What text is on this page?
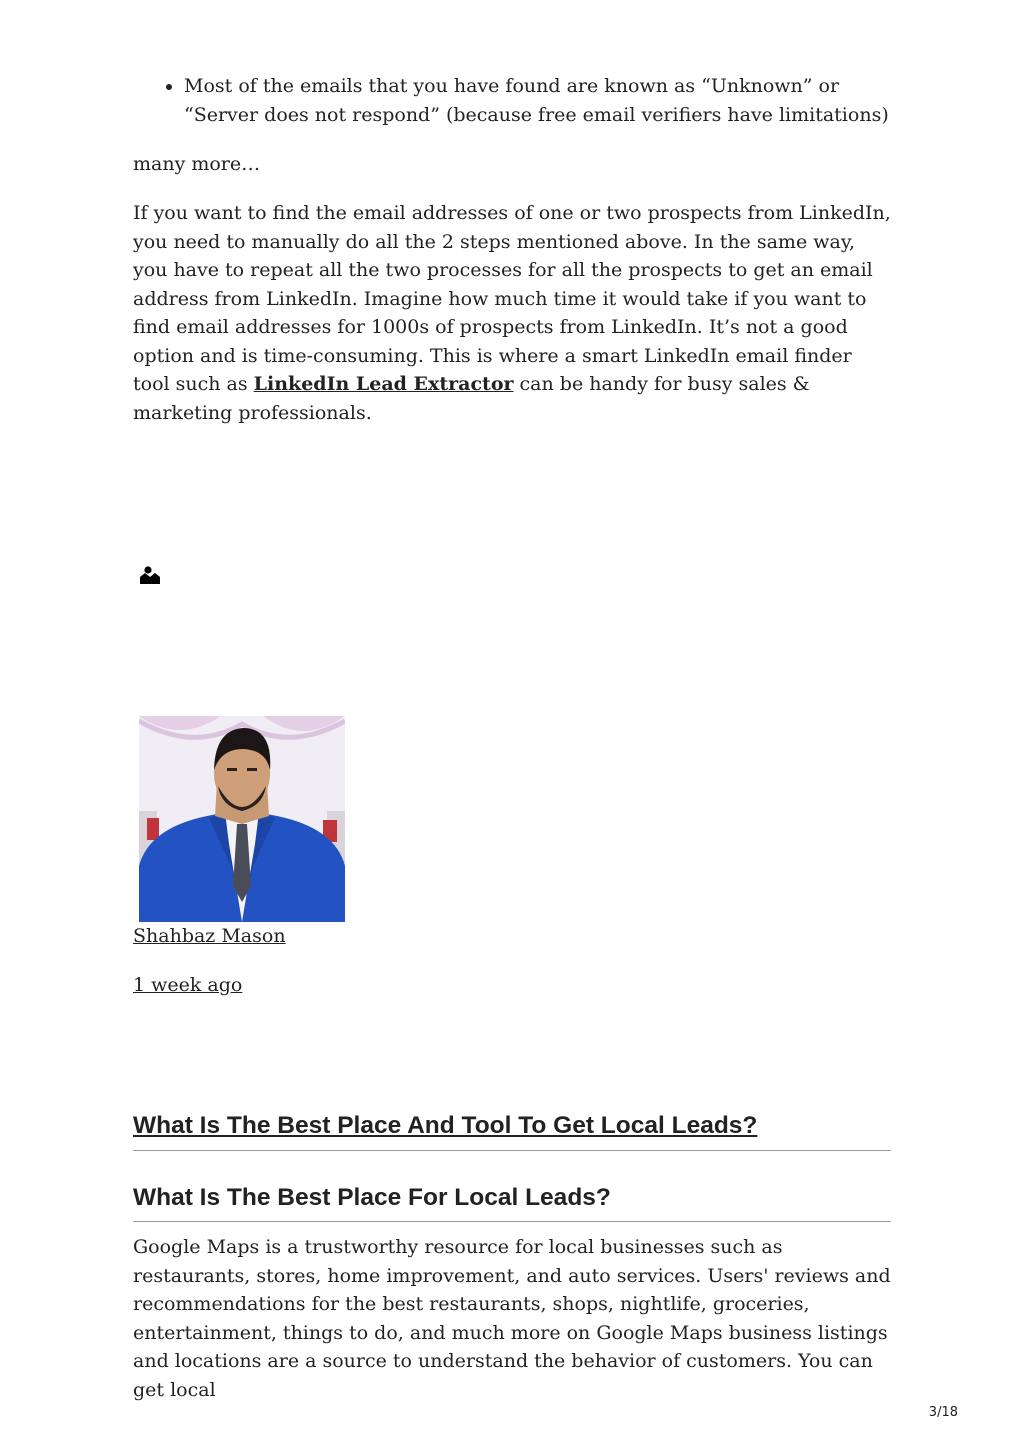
• Most of the emails that you have found are known as “Unknown” or “Server does not respond” (because free email verifiers have limitations)

many more…

If you want to find the email addresses of one or two prospects from LinkedIn, you need to manually do all the 2 steps mentioned above. In the same way, you have to repeat all the two processes for all the prospects to get an email address from LinkedIn. Imagine how much time it would take if you want to find email addresses for 1000s of prospects from LinkedIn. It’s not a good option and is time-consuming. This is where a smart LinkedIn email finder tool such as LinkedIn Lead Extractor can be handy for busy sales & marketing professionals.

Shahbaz Mason

1 week ago

What Is The Best Place And Tool To Get Local Leads?
What Is The Best Place For Local Leads?

Google Maps is a trustworthy resource for local businesses such as restaurants, stores, home improvement, and auto services. Users' reviews and recommendations for the best restaurants, shops, nightlife, groceries, entertainment, things to do, and much more on Google Maps business listings and locations are a source to understand the behavior of customers. You can get local

3/18
